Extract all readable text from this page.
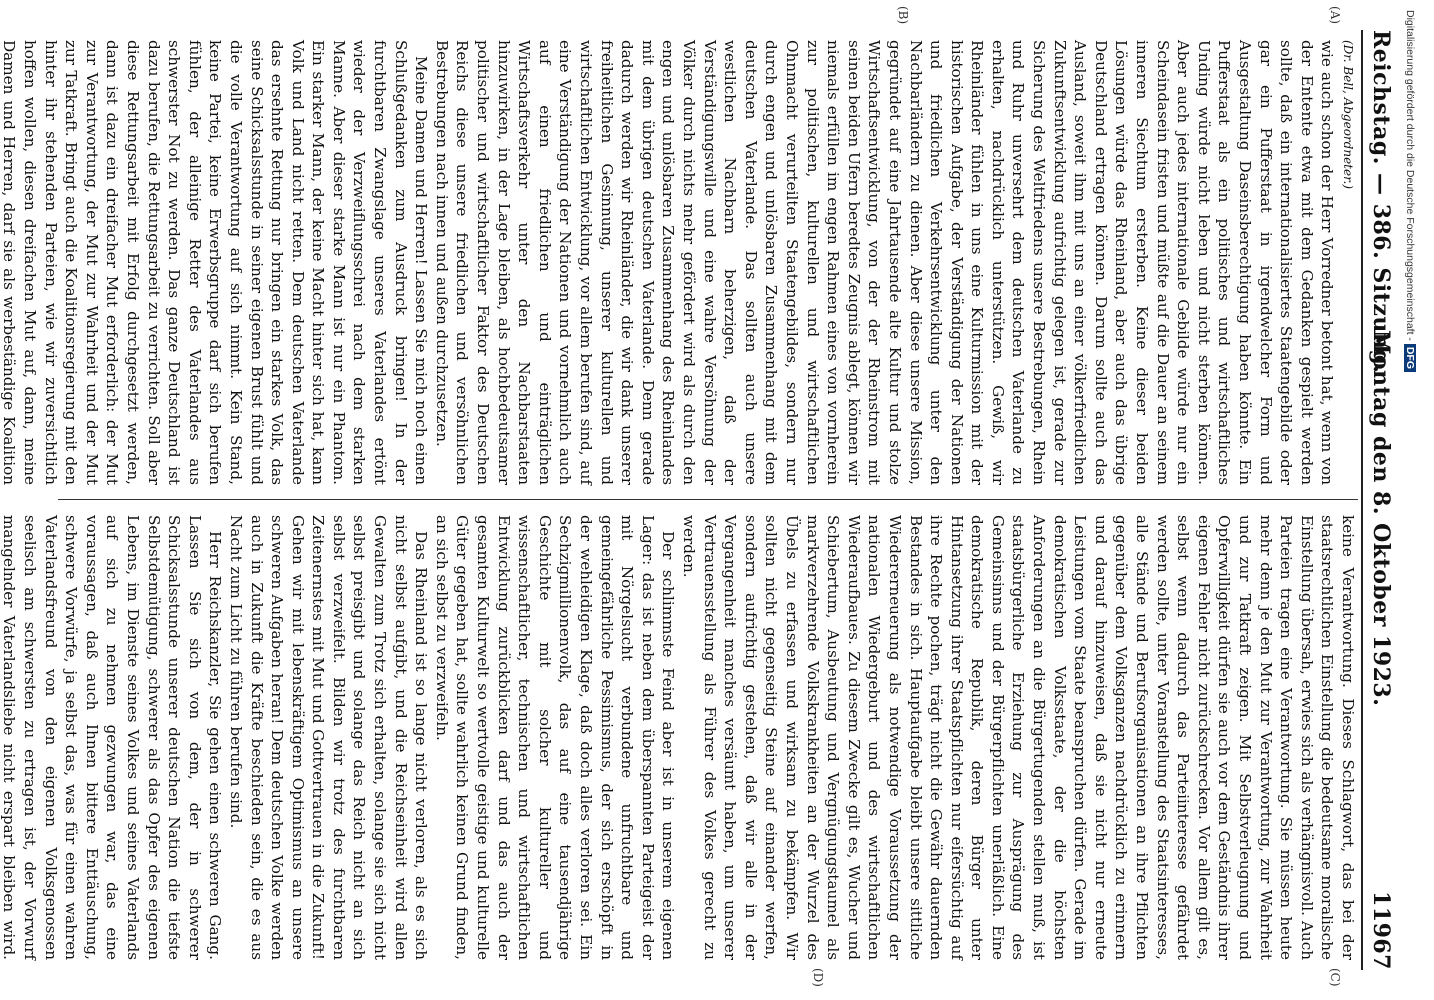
Reichstag. — 386. Sitzung.
Montag den 8. Oktober 1923.
11967
(A)
(B)
(C)
(D)

(Dr. Bell, Abgeordneter.)

wie auch schon der Herr Vorredner betont hat, wenn von der Entente etwa mit dem Gedanken gespielt werden sollte, daß ein internationalisiertes Staatengebilde oder gar ein Pufferstaat in irgendwelcher Form und Ausgestaltung Daseinsberechtigung haben könnte. Ein Pufferstaat als ein politisches und wirtschaftliches Unding würde nicht leben und nicht sterben können. Aber auch jedes internationale Gebilde würde nur ein Scheindasein fristen und müßte auf die Dauer an seinem inneren Siechtum ersterben. Keine dieser beiden Lösungen würde das Rheinland, aber auch das übrige Deutschland ertragen können. Darum sollte auch das Ausland, soweit ihm mit uns an einer völkerfriedlichen Zukunftsentwicklung aufrichtig gelegen ist, gerade zur Sicherung des Weltfriedens unsere Bestrebungen, Rhein und Ruhr unversehrt dem deutschen Vaterlande zu erhalten, nachdrücklich unterstützen. Gewiß, wir Rheinländer fühlen in uns eine Kulturmission mit der historischen Aufgabe, der Verständigung der Nationen und friedlichen Verkehrsentwicklung unter den Nachbarländern zu dienen. Aber diese unsere Mission, gegründet auf eine Jahrtausende alte Kultur und stolze Wirtschaftsentwicklung, von der der Rheinstrom mit seinen beiden Ufern beredtes Zeugnis ablegt, können wir niemals erfüllen im engen Rahmen eines von vornherein zur politischen, kulturellen und wirtschaftlichen Ohnmacht verurteilten Staatengebildes, sondern nur durch engen und unlösbaren Zusammenhang mit dem deutschen Vaterlande. Das sollten auch unsere westlichen Nachbarn beherzigen, daß der Verständigungswille und eine wahre Versöhnung der Völker durch nichts mehr gefördert wird als durch den engen und unlösbaren Zusammenhang des Rheinlandes mit dem übrigen deutschen Vaterlande. Denn gerade dadurch werden wir Rheinländer, die wir dank unserer freiheitlichen Gesinnung, unserer kulturellen und wirtschaftlichen Entwicklung, vor allem berufen sind, auf eine Verständigung der Nationen und vornehmlich auch auf einen friedlichen und einträglichen Wirtschaftsverkehr unter den Nachbarstaaten hinzuwirken, in der Lage bleiben, als hochbedeutsamer politischer und wirtschaftlicher Faktor des Deutschen Reichs diese unsere friedlichen und versöhnlichen Bestrebungen nach innen und außen durchzusetzen.

Meine Damen und Herren! Lassen Sie mich noch einen Schlußgedanken zum Ausdruck bringen! In der furchtbaren Zwangslage unseres Vaterlandes ertönt wieder der Verzweiflungsschrei nach dem starken Manne. Aber dieser starke Mann ist nur ein Phantom. Ein starker Mann, der keine Macht hinter sich hat, kann Volk und Land nicht retten. Dem deutschen Vaterlande das ersehnte Rettung nur bringen ein starkes Volk, das seine Schicksalsstunde in seiner eigenen Brust fühlt und die volle Verantwortung auf sich nimmt. Kein Stand, keine Partei, keine Erwerbsgruppe darf sich berufen fühlen, der alleinige Retter des Vaterlandes aus schwerster Not zu werden. Das ganze Deutschland ist dazu berufen, die Rettungsarbeit zu verrichten. Soll aber diese Rettungsarbeit mit Erfolg durchgesetzt werden, dann ist dazu ein dreifacher Mut erforderlich: der Mut zur Verantwortung, der Mut zur Wahrheit und der Mut zur Tatkraft. Bringt auch die Koalitionsregierung mit den hinter ihr stehenden Parteien, wie wir zuversichtlich hoffen wollen, diesen dreifachen Mut auf, dann, meine Damen und Herren, darf sie als werbeständige Koalition

keine Verantwortung. Dieses Schlagwort, das bei der staatsrechtlichen Einstellung die bedeutsame moralische Einstellung übersah, erwies sich als verhängnisvoll. Auch Parteien tragen eine Verantwortung. Sie müssen heute mehr denn je den Mut zur Verantwortung, zur Wahrheit und zur Tatkraft zeigen. Mit Selbstverleugnung und Opferwilligkeit dürfen sie auch vor dem Geständnis ihrer eigenen Fehler nicht zurückschrecken. Vor allem gilt es, selbst wenn dadurch das Parteiinteresse gefährdet werden sollte, unter Voranstellung des Staatsinteresses, alle Stände und Berufsorganisationen an ihre Pflichten gegenüber dem Volksganzen nachdrücklich zu erinnern und darauf hinzuweisen, daß sie nicht nur erneute Leistungen vom Staate beanspruchen dürfen. Gerade im demokratischen Volksstaate, der die höchsten Anforderungen an die Bürgertugenden stellen muß, ist staatsbürgerliche Erziehung zur Ausprägung des Gemeinsinns und der Bürgerpflichten unerläßlich. Eine demokratische Republik, deren Bürger unter Hintansetzung ihrer Staatspflichten nur eifersüchtig auf ihre Rechte pochen, trägt nicht die Gewähr dauernden Bestandes in sich. Hauptaufgabe bleibt unsere sittliche Wiedererneuerung als notwendige Voraussetzung der nationalen Wiedergeburt und des wirtschaftlichen Wiederaufbaues. Zu diesem Zwecke gilt es, Wucher und Schiebertum, Ausbeutung und Vergnügungstaumel als markverzehrende Volkskrankheiten an der Wurzel des Übels zu erfassen und wirksam zu bekämpfen. Wir sollten nicht gegenseitig Steine auf einander werfen, sondern aufrichtig gestehen, daß wir alle in der Vergangenheit manches versäumt haben, um unserer Vertrauensstellung als Führer des Volkes gerecht zu werden.

Der schlimmste Feind aber ist in unserem eigenen Lager: das ist neben dem überspannten Parteigeist der mit Nörgelsucht verbundene unfruchtbare und gemeingefährliche Pessimismus, der sich erschöpft in der wehleidigen Klage, daß doch alles verloren sei. Ein Sechzigmillionenvolk, das auf eine tausendjährige Geschichte mit solcher kultureller und wissenschaftlicher, technischen und wirtschaftlichen Entwicklung zurückblicken darf und das auch der gesamten Kulturwelt so wertvolle geistige und kulturelle Güter gegeben hat, sollte wahrlich keinen Grund finden, an sich selbst zu verzweifeln.

Das Rheinland ist so lange nicht verloren, als es sich nicht selbst aufgibt, und die Reichseinheit wird allen Gewalten zum Trotz sich erhalten, solange sie sich nicht selbst preisgibt und solange das Reich nicht an sich selbst verzweifelt. Bilden wir trotz des furchtbaren Zeitenernstes mit Mut und Gottvertrauen in die Zukunft! Gehen wir mit lebenskräftigem Optimismus an unsere schweren Aufgaben heran! Dem deutschen Volke werden auch in Zukunft die Kräfte beschieden sein, die es aus Nacht zum Licht zu führen berufen sind.

Herr Reichskanzler, Sie gehen einen schweren Gang. Lassen Sie sich von dem, der in schwerer Schicksalsstunde unserer deutschen Nation die tiefste Selbstdemütigung, schwerer als das Opfer des eigenen Lebens, im Dienste seines Volkes und seines Vaterlands auf sich zu nehmen gezwungen war, das eine voraussagen, daß auch Ihnen bittere Enttäuschung, schwere Vorwürfe, ja selbst das, was für einen wahren Vaterlandsfreund von den eigenen Volksgenossen seelisch am schwersten zu ertragen ist, der Vorwurf mangelnder Vaterlandsliebe nicht erspart bleiben wird.

Digitalisierung gefördert durch die Deutsche Forschungsgemeinschaft - DFG
